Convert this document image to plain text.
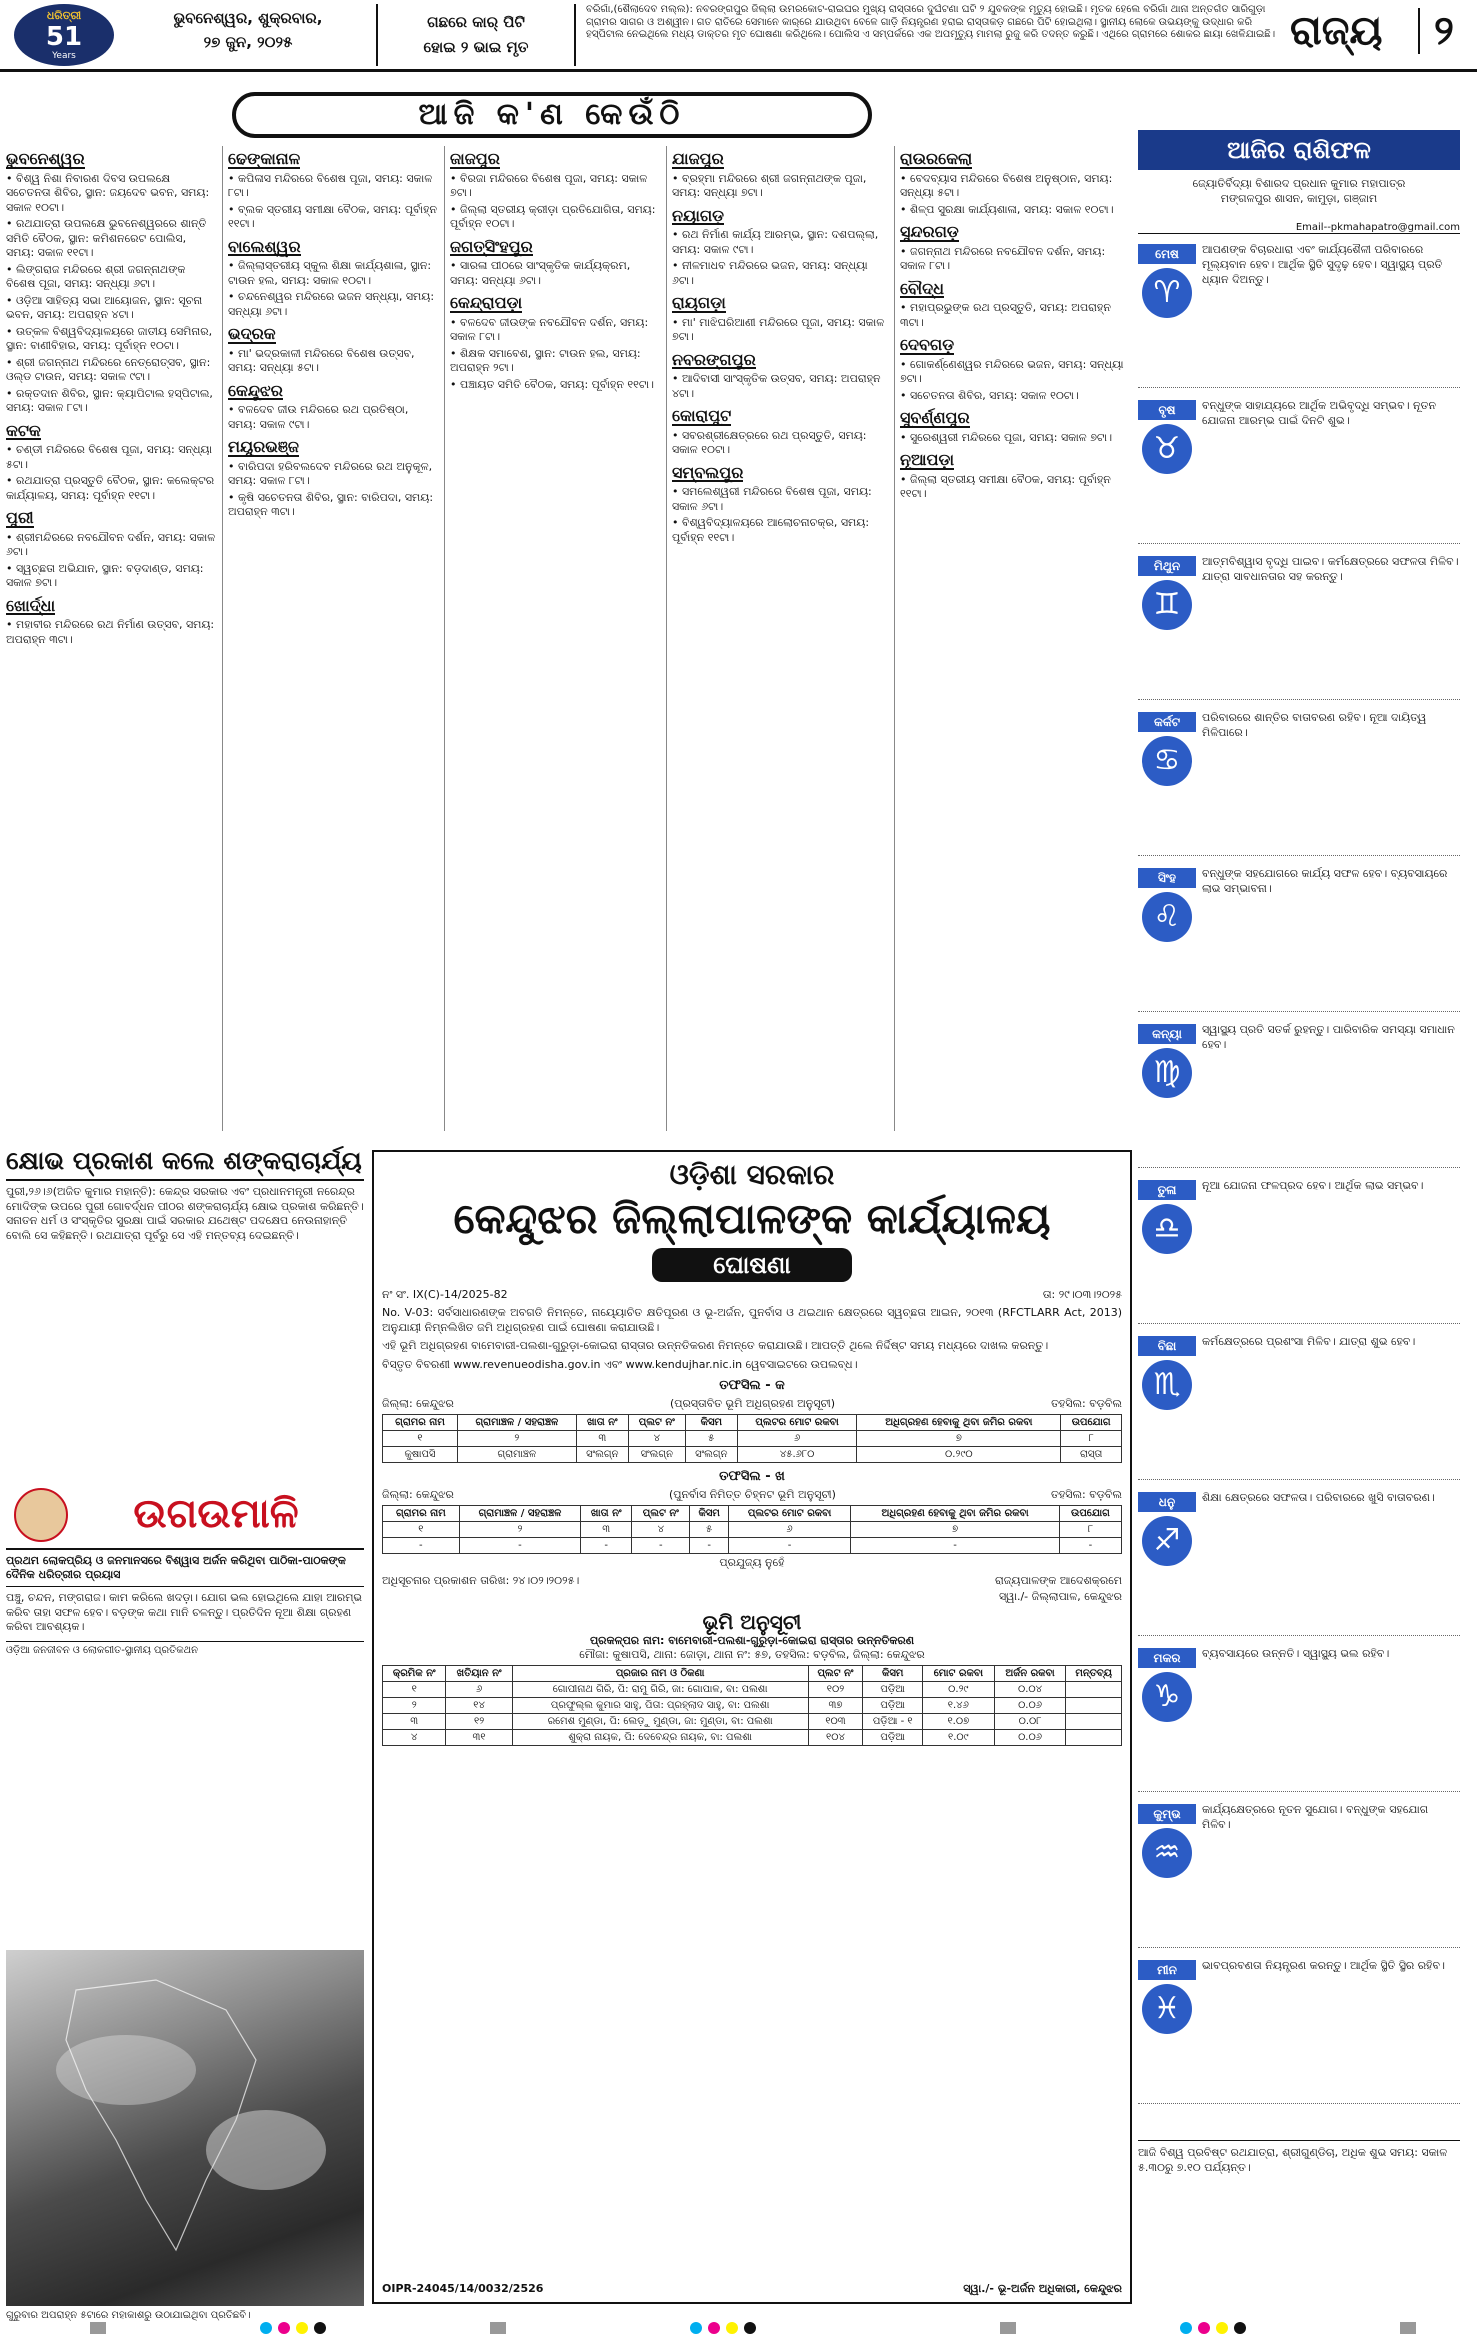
ଧରିତ୍ରୀ
51
Years
ଭୁବନେଶ୍ୱର, ଶୁକ୍ରବାର,
୨୭ ଜୁନ, ୨୦୨୫
ଗଛରେ କାର୍ ପିଟି
ହୋଇ ୨ ଭାଇ ମୃତ

ବରିଗାଁ,(ଶୈଲାଦେବ ମଲ୍ଲ): ନବରଙ୍ଗପୁର ଜିଲ୍ଲା ଉମରକୋଟ-ରାଇଘର ମୁଖ୍ୟ ରାସ୍ତାରେ ଦୁର୍ଘଟଣା ଘଟି ୨ ଯୁବକଙ୍କ ମୃତ୍ୟୁ ହୋଇଛି। ମୃତକ ହେଲେ ବରିଗାଁ ଥାନା ଅନ୍ତର୍ଗତ ସାରିଗୁଡ଼ା ଗ୍ରାମର ସାଗର ଓ ଅଶ୍ୱୀନ। ଗତ ରାତିରେ ସେମାନେ କାର୍‌ରେ ଯାଉଥିବା ବେଳେ ଗାଡ଼ି ନିୟନ୍ତ୍ରଣ ହରାଇ ରାସ୍ତାକଡ଼ ଗଛରେ ପିଟି ହୋଇଥିଲା। ସ୍ଥାନୀୟ ଲୋକେ ଉଭୟଙ୍କୁ ଉଦ୍ଧାର କରି ହସ୍ପିଟାଲ ନେଇଥିଲେ ମଧ୍ୟ ଡାକ୍ତର ମୃତ ଘୋଷଣା କରିଥିଲେ। ପୋଲିସ ଏ ସମ୍ପର୍କରେ ଏକ ଅପମୃତ୍ୟୁ ମାମଲା ରୁଜୁ କରି ତଦନ୍ତ କରୁଛି। ଏଥିରେ ଗ୍ରାମରେ ଶୋକର ଛାୟା ଖେଳିଯାଇଛି। ରାଜ୍ୟ	୨
ଆଜି କ'ଣ କେଉଁଠି
ଭୁବନେଶ୍ୱର
• ବିଶ୍ୱ ନିଶା ନିବାରଣ ଦିବସ ଉପଲକ୍ଷେ ସଚେତନତା ଶିବିର, ସ୍ଥାନ: ଜୟଦେବ ଭବନ, ସମୟ: ସକାଳ ୧୦ଟା।
• ରଥଯାତ୍ରା ଉପଲକ୍ଷେ ଭୁବନେଶ୍ୱରରେ ଶାନ୍ତି ସମିତି ବୈଠକ, ସ୍ଥାନ: କମିଶନରେଟ ପୋଲିସ, ସମୟ: ସକାଳ ୧୧ଟା।
• ଲିଙ୍ଗରାଜ ମନ୍ଦିରରେ ଶ୍ରୀ ଜଗନ୍ନାଥଙ୍କ ବିଶେଷ ପୂଜା, ସମୟ: ସନ୍ଧ୍ୟା ୬ଟା।
• ଓଡ଼ିଆ ସାହିତ୍ୟ ସଭା ଆୟୋଜନ, ସ୍ଥାନ: ସୂଚନା ଭବନ, ସମୟ: ଅପରାହ୍ନ ୪ଟା।
• ଉତ୍କଳ ବିଶ୍ୱବିଦ୍ୟାଳୟରେ ଜାତୀୟ ସେମିନାର, ସ୍ଥାନ: ବାଣୀବିହାର, ସମୟ: ପୂର୍ବାହ୍ନ ୧୦ଟା।
• ଶ୍ରୀ ଜଗନ୍ନାଥ ମନ୍ଦିରରେ ନେତ୍ରୋତ୍ସବ, ସ୍ଥାନ: ଓଲ୍ଡ ଟାଉନ, ସମୟ: ସକାଳ ୯ଟା।
• ରକ୍ତଦାନ ଶିବିର, ସ୍ଥାନ: କ୍ୟାପିଟାଲ ହସ୍ପିଟାଲ, ସମୟ: ସକାଳ ୮ଟା।
କଟକ
• ଚଣ୍ଡୀ ମନ୍ଦିରରେ ବିଶେଷ ପୂଜା, ସମୟ: ସନ୍ଧ୍ୟା ୫ଟା।
• ରଥଯାତ୍ରା ପ୍ରସ୍ତୁତି ବୈଠକ, ସ୍ଥାନ: କଲେକ୍ଟର କାର୍ଯ୍ୟାଳୟ, ସମୟ: ପୂର୍ବାହ୍ନ ୧୧ଟା।
ପୁରୀ
• ଶ୍ରୀମନ୍ଦିରରେ ନବଯୌବନ ଦର୍ଶନ, ସମୟ: ସକାଳ ୬ଟା।
• ସ୍ୱଚ୍ଛତା ଅଭିଯାନ, ସ୍ଥାନ: ବଡ଼ଦାଣ୍ଡ, ସମୟ: ସକାଳ ୭ଟା।
ଖୋର୍ଦ୍ଧା
• ମହାବୀର ମନ୍ଦିରରେ ରଥ ନିର୍ମାଣ ଉତ୍ସବ, ସମୟ: ଅପରାହ୍ନ ୩ଟା।
ଢେଙ୍କାନାଳ
• କପିଳାସ ମନ୍ଦିରରେ ବିଶେଷ ପୂଜା, ସମୟ: ସକାଳ ୮ଟା।
• ବ୍ଲକ ସ୍ତରୀୟ ସମୀକ୍ଷା ବୈଠକ, ସମୟ: ପୂର୍ବାହ୍ନ ୧୧ଟା।
ବାଲେଶ୍ୱର
• ଜିଲ୍ଲାସ୍ତରୀୟ ସ୍କୁଲ ଶିକ୍ଷା କାର୍ଯ୍ୟଶାଳା, ସ୍ଥାନ: ଟାଉନ ହଲ, ସମୟ: ସକାଳ ୧୦ଟା।
• ଚନ୍ଦନେଶ୍ୱର ମନ୍ଦିରରେ ଭଜନ ସନ୍ଧ୍ୟା, ସମୟ: ସନ୍ଧ୍ୟା ୬ଟା।
ଭଦ୍ରକ
• ମା' ଭଦ୍ରକାଳୀ ମନ୍ଦିରରେ ବିଶେଷ ଉତ୍ସବ, ସମୟ: ସନ୍ଧ୍ୟା ୫ଟା।
କେନ୍ଦୁଝର
• ବଳଦେବ ଜୀଉ ମନ୍ଦିରରେ ରଥ ପ୍ରତିଷ୍ଠା, ସମୟ: ସକାଳ ୯ଟା।
ମୟୂରଭଞ୍ଜ
• ବାରିପଦା ହରିବଲଦେବ ମନ୍ଦିରରେ ରଥ ଅନୁକୂଳ, ସମୟ: ସକାଳ ୮ଟା।
• କୃଷି ସଚେତନତା ଶିବିର, ସ୍ଥାନ: ବାରିପଦା, ସମୟ: ଅପରାହ୍ନ ୩ଟା।
ଜାଜପୁର
• ବିରଜା ମନ୍ଦିରରେ ବିଶେଷ ପୂଜା, ସମୟ: ସକାଳ ୭ଟା।
• ଜିଲ୍ଲା ସ୍ତରୀୟ କ୍ରୀଡ଼ା ପ୍ରତିଯୋଗିତା, ସମୟ: ପୂର୍ବାହ୍ନ ୧୦ଟା।
ଜଗତ୍‌ସିଂହପୁର
• ସାରଳା ପୀଠରେ ସାଂସ୍କୃତିକ କାର୍ଯ୍ୟକ୍ରମ, ସମୟ: ସନ୍ଧ୍ୟା ୬ଟା।
କେନ୍ଦ୍ରାପଡ଼ା
• ବଳଦେବ ଜୀଉଙ୍କ ନବଯୌବନ ଦର୍ଶନ, ସମୟ: ସକାଳ ୮ଟା।
• ଶିକ୍ଷକ ସମାବେଶ, ସ୍ଥାନ: ଟାଉନ ହଲ, ସମୟ: ଅପରାହ୍ନ ୨ଟା।
• ପଞ୍ଚାୟତ ସମିତି ବୈଠକ, ସମୟ: ପୂର୍ବାହ୍ନ ୧୧ଟା।
ଯାଜପୁର
• ବ୍ରହ୍ମା ମନ୍ଦିରରେ ଶ୍ରୀ ଜଗନ୍ନାଥଙ୍କ ପୂଜା, ସମୟ: ସନ୍ଧ୍ୟା ୭ଟା।
ନୟାଗଡ଼
• ରଥ ନିର୍ମାଣ କାର୍ଯ୍ୟ ଆରମ୍ଭ, ସ୍ଥାନ: ଦଶପଲ୍ଲା, ସମୟ: ସକାଳ ୯ଟା।
• ନୀଳମାଧବ ମନ୍ଦିରରେ ଭଜନ, ସମୟ: ସନ୍ଧ୍ୟା ୬ଟା।
ରାୟଗଡ଼ା
• ମା' ମାଝିଘରିଆଣୀ ମନ୍ଦିରରେ ପୂଜା, ସମୟ: ସକାଳ ୭ଟା।
ନବରଙ୍ଗପୁର
• ଆଦିବାସୀ ସାଂସ୍କୃତିକ ଉତ୍ସବ, ସମୟ: ଅପରାହ୍ନ ୪ଟା।
କୋରାପୁଟ
• ସବରଶ୍ରୀକ୍ଷେତ୍ରରେ ରଥ ପ୍ରସ୍ତୁତି, ସମୟ: ସକାଳ ୧୦ଟା।
ସମ୍ବଲପୁର
• ସମଲେଶ୍ୱରୀ ମନ୍ଦିରରେ ବିଶେଷ ପୂଜା, ସମୟ: ସକାଳ ୬ଟା।
• ବିଶ୍ୱବିଦ୍ୟାଳୟରେ ଆଲୋଚନାଚକ୍ର, ସମୟ: ପୂର୍ବାହ୍ନ ୧୧ଟା।
ରାଉରକେଲା
• ବେଦବ୍ୟାସ ମନ୍ଦିରରେ ବିଶେଷ ଅନୁଷ୍ଠାନ, ସମୟ: ସନ୍ଧ୍ୟା ୫ଟା।
• ଶିଳ୍ପ ସୁରକ୍ଷା କାର୍ଯ୍ୟଶାଳା, ସମୟ: ସକାଳ ୧୦ଟା।
ସୁନ୍ଦରଗଡ଼
• ଜଗନ୍ନାଥ ମନ୍ଦିରରେ ନବଯୌବନ ଦର୍ଶନ, ସମୟ: ସକାଳ ୮ଟା।
ବୌଦ୍ଧ
• ମହାପ୍ରଭୁଙ୍କ ରଥ ପ୍ରସ୍ତୁତି, ସମୟ: ଅପରାହ୍ନ ୩ଟା।
ଦେବଗଡ଼
• ଗୋକର୍ଣ୍ଣେଶ୍ୱର ମନ୍ଦିରରେ ଭଜନ, ସମୟ: ସନ୍ଧ୍ୟା ୭ଟା।
• ସଚେତନତା ଶିବିର, ସମୟ: ସକାଳ ୧୦ଟା।
ସୁବର୍ଣ୍ଣପୁର
• ସୁରେଶ୍ୱରୀ ମନ୍ଦିରରେ ପୂଜା, ସମୟ: ସକାଳ ୭ଟା।
ନୂଆପଡ଼ା
• ଜିଲ୍ଲା ସ୍ତରୀୟ ସମୀକ୍ଷା ବୈଠକ, ସମୟ: ପୂର୍ବାହ୍ନ ୧୧ଟା।
ଆଜିର ରାଶିଫଳ
ଜ୍ୟୋତିର୍ବିଦ୍ୟା ବିଶାରଦ ପ୍ରଧାନ କୁମାର ମହାପାତ୍ର
ମଙ୍ଗଳପୁର ଶାସନ, କାମୁଡ଼ା, ଗଞ୍ଜାମ
Email--pkmahapatro@gmail.com
ମେଷ
♈
ଆପଣଙ୍କ ବିଚାରଧାରା ଏବଂ କାର୍ଯ୍ୟଶୈଳୀ ପରିବାରରେ ମୂଲ୍ୟବାନ ହେବ। ଆର୍ଥିକ ସ୍ଥିତି ସୁଦୃଢ଼ ହେବ। ସ୍ୱାସ୍ଥ୍ୟ ପ୍ରତି ଧ୍ୟାନ ଦିଅନ୍ତୁ।
ବୃଷ
♉
ବନ୍ଧୁଙ୍କ ସାହାଯ୍ୟରେ ଆର୍ଥିକ ଅଭିବୃଦ୍ଧି ସମ୍ଭବ। ନୂତନ ଯୋଜନା ଆରମ୍ଭ ପାଇଁ ଦିନଟି ଶୁଭ।
ମିଥୁନ
♊
ଆତ୍ମବିଶ୍ୱାସ ବୃଦ୍ଧି ପାଇବ। କର୍ମକ୍ଷେତ୍ରରେ ସଫଳତା ମିଳିବ। ଯାତ୍ରା ସାବଧାନତାର ସହ କରନ୍ତୁ।
କର୍କଟ
♋
ପରିବାରରେ ଶାନ୍ତିର ବାତାବରଣ ରହିବ। ନୂଆ ଦାୟିତ୍ୱ ମିଳିପାରେ।
ସିଂହ
♌
ବନ୍ଧୁଙ୍କ ସହଯୋଗରେ କାର୍ଯ୍ୟ ସଫଳ ହେବ। ବ୍ୟବସାୟରେ ଲାଭ ସମ୍ଭାବନା।
କନ୍ୟା
♍
ସ୍ୱାସ୍ଥ୍ୟ ପ୍ରତି ସତର୍କ ରୁହନ୍ତୁ। ପାରିବାରିକ ସମସ୍ୟା ସମାଧାନ ହେବ।
ତୁଳା
♎
ନୂଆ ଯୋଜନା ଫଳପ୍ରଦ ହେବ। ଆର୍ଥିକ ଲାଭ ସମ୍ଭବ।
ବିଛା
♏
କର୍ମକ୍ଷେତ୍ରରେ ପ୍ରଶଂସା ମିଳିବ। ଯାତ୍ରା ଶୁଭ ହେବ।
ଧନୁ
♐
ଶିକ୍ଷା କ୍ଷେତ୍ରରେ ସଫଳତା। ପରିବାରରେ ଖୁସି ବାତାବରଣ।
ମକର
♑
ବ୍ୟବସାୟରେ ଉନ୍ନତି। ସ୍ୱାସ୍ଥ୍ୟ ଭଲ ରହିବ।
କୁମ୍ଭ
♒
କାର୍ଯ୍ୟକ୍ଷେତ୍ରରେ ନୂତନ ସୁଯୋଗ। ବନ୍ଧୁଙ୍କ ସହଯୋଗ ମିଳିବ।
ମୀନ
♓
ଭାବପ୍ରବଣତା ନିୟନ୍ତ୍ରଣ କରନ୍ତୁ। ଆର୍ଥିକ ସ୍ଥିତି ସ୍ଥିର ରହିବ।
ଆଜି ବିଶ୍ୱ ପ୍ରବିଷ୍ଟ ରଥଯାତ୍ରା, ଶ୍ରୀଗୁଣ୍ଡିଚା, ଅଧିକ ଶୁଭ ସମୟ: ସକାଳ ୫.୩୦ରୁ ୭.୧୦ ପର୍ଯ୍ୟନ୍ତ।
କ୍ଷୋଭ ପ୍ରକାଶ କଲେ ଶଙ୍କରାଚାର୍ଯ୍ୟ

ପୁରୀ,୨୬।୬(ଅଜିତ କୁମାର ମହାନ୍ତି): କେନ୍ଦ୍ର ସରକାର ଏବଂ ପ୍ରଧାନମନ୍ତ୍ରୀ ନରେନ୍ଦ୍ର ମୋଦିଙ୍କ ଉପରେ ପୁରୀ ଗୋବର୍ଦ୍ଧନ ପୀଠର ଶଙ୍କରାଚାର୍ଯ୍ୟ କ୍ଷୋଭ ପ୍ରକାଶ କରିଛନ୍ତି। ସନାତନ ଧର୍ମ ଓ ସଂସ୍କୃତିର ସୁରକ୍ଷା ପାଇଁ ସରକାର ଯଥେଷ୍ଟ ପଦକ୍ଷେପ ନେଉନାହାନ୍ତି ବୋଲି ସେ କହିଛନ୍ତି। ରଥଯାତ୍ରା ପୂର୍ବରୁ ସେ ଏହି ମନ୍ତବ୍ୟ ଦେଇଛନ୍ତି।

ଉଗଉମାଳି
ପ୍ରଥମ ଲୋକପ୍ରିୟ ଓ ଜନମାନସରେ ବିଶ୍ୱାସ ଅର୍ଜନ କରିଥିବା ପାଠିକା-ପାଠକଙ୍କ ଦୈନିକ ଧରିତ୍ରୀର ପ୍ରୟାସ

ପଞ୍ଚୁ, ଚନ୍ଦନ, ମଙ୍ଗରାଜ। କାମ କରିଲେ ଖଦଡ଼ା। ଯୋଗ ଭଲ ହୋଇଥିଲେ ଯାହା ଆରମ୍ଭ କରିବ ତାହା ସଫଳ ହେବ। ବଡ଼ଙ୍କ କଥା ମାନି ଚଳନ୍ତୁ। ପ୍ରତିଦିନ ନୂଆ ଶିକ୍ଷା ଗ୍ରହଣ କରିବା ଆବଶ୍ୟକ।

ଓଡ଼ିଆ ଜନଜୀବନ ଓ ଲୋକଗୀତ-ସ୍ଥାନୀୟ ପ୍ରତିକଥନ
ଗୁରୁବାର ଅପରାହ୍ନ ୫ଟାରେ ମହାକାଶରୁ ଉଠାଯାଇଥିବା ପ୍ରତିଛବି।
ଓଡ଼ିଶା ସରକାର
କେନ୍ଦୁଝର ଜିଲ୍ଲାପାଳଙ୍କ କାର୍ଯ୍ୟାଳୟ
ଘୋଷଣା
ନଂ ସଂ. IX(C)-14/2025-82	ତା: ୨୯।୦୩।୨୦୨୫
No. V-03: ସର୍ବସାଧାରଣଙ୍କ ଅବଗତି ନିମନ୍ତେ, ନାୟ୍ୟୋଚିତ କ୍ଷତିପୂରଣ ଓ ଭୂ-ଅର୍ଜନ, ପୁନର୍ବାସ ଓ ଥଇଥାନ କ୍ଷେତ୍ରରେ ସ୍ୱଚ୍ଛତା ଆଇନ, ୨୦୧୩ (RFCTLARR Act, 2013) ଅନୁଯାୟୀ ନିମ୍ନଲିଖିତ ଜମି ଅଧିଗ୍ରହଣ ପାଇଁ ଘୋଷଣା କରାଯାଉଛି।
ଏହି ଭୂମି ଅଧିଗ୍ରହଣ ବାମେବାରୀ-ପଲଶା-ଗୁରୁଡ଼ା-କୋଇରା ରାସ୍ତାର ଉନ୍ନତିକରଣ ନିମନ୍ତେ କରାଯାଉଛି। ଆପତ୍ତି ଥିଲେ ନିର୍ଦ୍ଦିଷ୍ଟ ସମୟ ମଧ୍ୟରେ ଦାଖଲ କରନ୍ତୁ।
ବିସ୍ତୃତ ବିବରଣୀ www.revenueodisha.gov.in ଏବଂ www.kendujhar.nic.in ୱେବସାଇଟରେ ଉପଲବ୍ଧ।
ତଫସିଲ - କ
ଜିଲ୍ଲା: କେନ୍ଦୁଝର	(ପ୍ରସ୍ତାବିତ ଭୂମି ଅଧିଗ୍ରହଣ ଅନୁସୂଚୀ)	ତହସିଲ: ବଡ଼ବିଲ
ଗ୍ରାମର ନାମ	ଗ୍ରାମାଞ୍ଚଳ / ସହରାଞ୍ଚଳ	ଖାତା ନଂ	ପ୍ଲଟ ନଂ	କିସମ	ପ୍ଲଟର ମୋଟ ରକବା	ଅଧିଗ୍ରହଣ ହେବାକୁ ଥିବା ଜମିର ରକବା	ଉପଯୋଗ
୧	୨	୩	୪	୫	୬	୭	୮
କୁଷାପସି	ଗ୍ରାମାଞ୍ଚଳ	ସଂଲଗ୍ନ	ସଂଲଗ୍ନ	ସଂଲଗ୍ନ	୪୫.୬୮୦	୦.୨୯୦	ରାସ୍ତା
ତଫସିଲ - ଖ
ଜିଲ୍ଲା: କେନ୍ଦୁଝର	(ପୁନର୍ବାସ ନିମିତ୍ତ ଚିହ୍ନଟ ଭୂମି ଅନୁସୂଚୀ)	ତହସିଲ: ବଡ଼ବିଲ
ଗ୍ରାମର ନାମ	ଗ୍ରାମାଞ୍ଚଳ / ସହରାଞ୍ଚଳ	ଖାତା ନଂ	ପ୍ଲଟ ନଂ	କିସମ	ପ୍ଲଟର ମୋଟ ରକବା	ଅଧିଗ୍ରହଣ ହେବାକୁ ଥିବା ଜମିର ରକବା	ଉପଯୋଗ
୧	୨	୩	୪	୫	୬	୭	୮
-	-	-	-	-	-	-	-
ପ୍ରଯୁଜ୍ୟ ନୁହେଁ
ଅଧିସୂଚନାର ପ୍ରକାଶନ ତାରିଖ: ୨୪।୦୨।୨୦୨୫।	ରାଜ୍ୟପାଳଙ୍କ ଆଦେଶକ୍ରମେ
ସ୍ୱା./- ଜିଲ୍ଲାପାଳ, କେନ୍ଦୁଝର
ଭୂମି ଅନୁସୂଚୀ
ପ୍ରକଳ୍ପର ନାମ: ବାମେବାରୀ-ପଲଶା-ଗୁରୁଡ଼ା-କୋଇରା ରାସ୍ତାର ଉନ୍ନତିକରଣ
ମୌଜା: କୁଷାପସି, ଥାନା: ଜୋଡ଼ା, ଥାନା ନଂ: ୫୭, ତହସିଲ: ବଡ଼ବିଲ, ଜିଲ୍ଲା: କେନ୍ଦୁଝର
କ୍ରମିକ ନଂ	ଖତିୟାନ ନଂ	ପ୍ରଜାର ନାମ ଓ ଠିକଣା	ପ୍ଲଟ ନଂ	କିସମ	ମୋଟ ରକବା	ଅର୍ଜନ ରକବା	ମନ୍ତବ୍ୟ
୧	୬	ଗୋପୀନାଥ ଗିରି, ପି: ରାମୁ ଗିରି, ଜା: ଗୋପାଳ, ବା: ପଲଶା	୧୦୨	ପଡ଼ିଆ	୦.୨୯	୦.୦୪	
୨	୧୪	ପ୍ରଫୁଲ୍ଲ କୁମାର ସାହୁ, ପିତା: ପ୍ରହ୍ଲାଦ ସାହୁ, ବା: ପଲଶା	୩୭	ପଡ଼ିଆ	୧.୪୬	୦.୦୬	
୩	୧୨	ରମେଶ ମୁଣ୍ଡା, ପି: ଲେଡ଼ୁ ମୁଣ୍ଡା, ଜା: ମୁଣ୍ଡା, ବା: ପଲଶା	୧୦୩	ପଡ଼ିଆ - ୧	୧.୦୭	୦.୦୮	
୪	୩୧	ଶୁକ୍ରା ନାୟକ, ପି: ଦେବେନ୍ଦ୍ର ନାୟକ, ବା: ପଲଶା	୧୦୪	ପଡ଼ିଆ	୧.୦୯	୦.୦୬	
OIPR-24045/14/0032/2526	ସ୍ୱା./- ଭୂ-ଅର୍ଜନ ଅଧିକାରୀ, କେନ୍ଦୁଝର
